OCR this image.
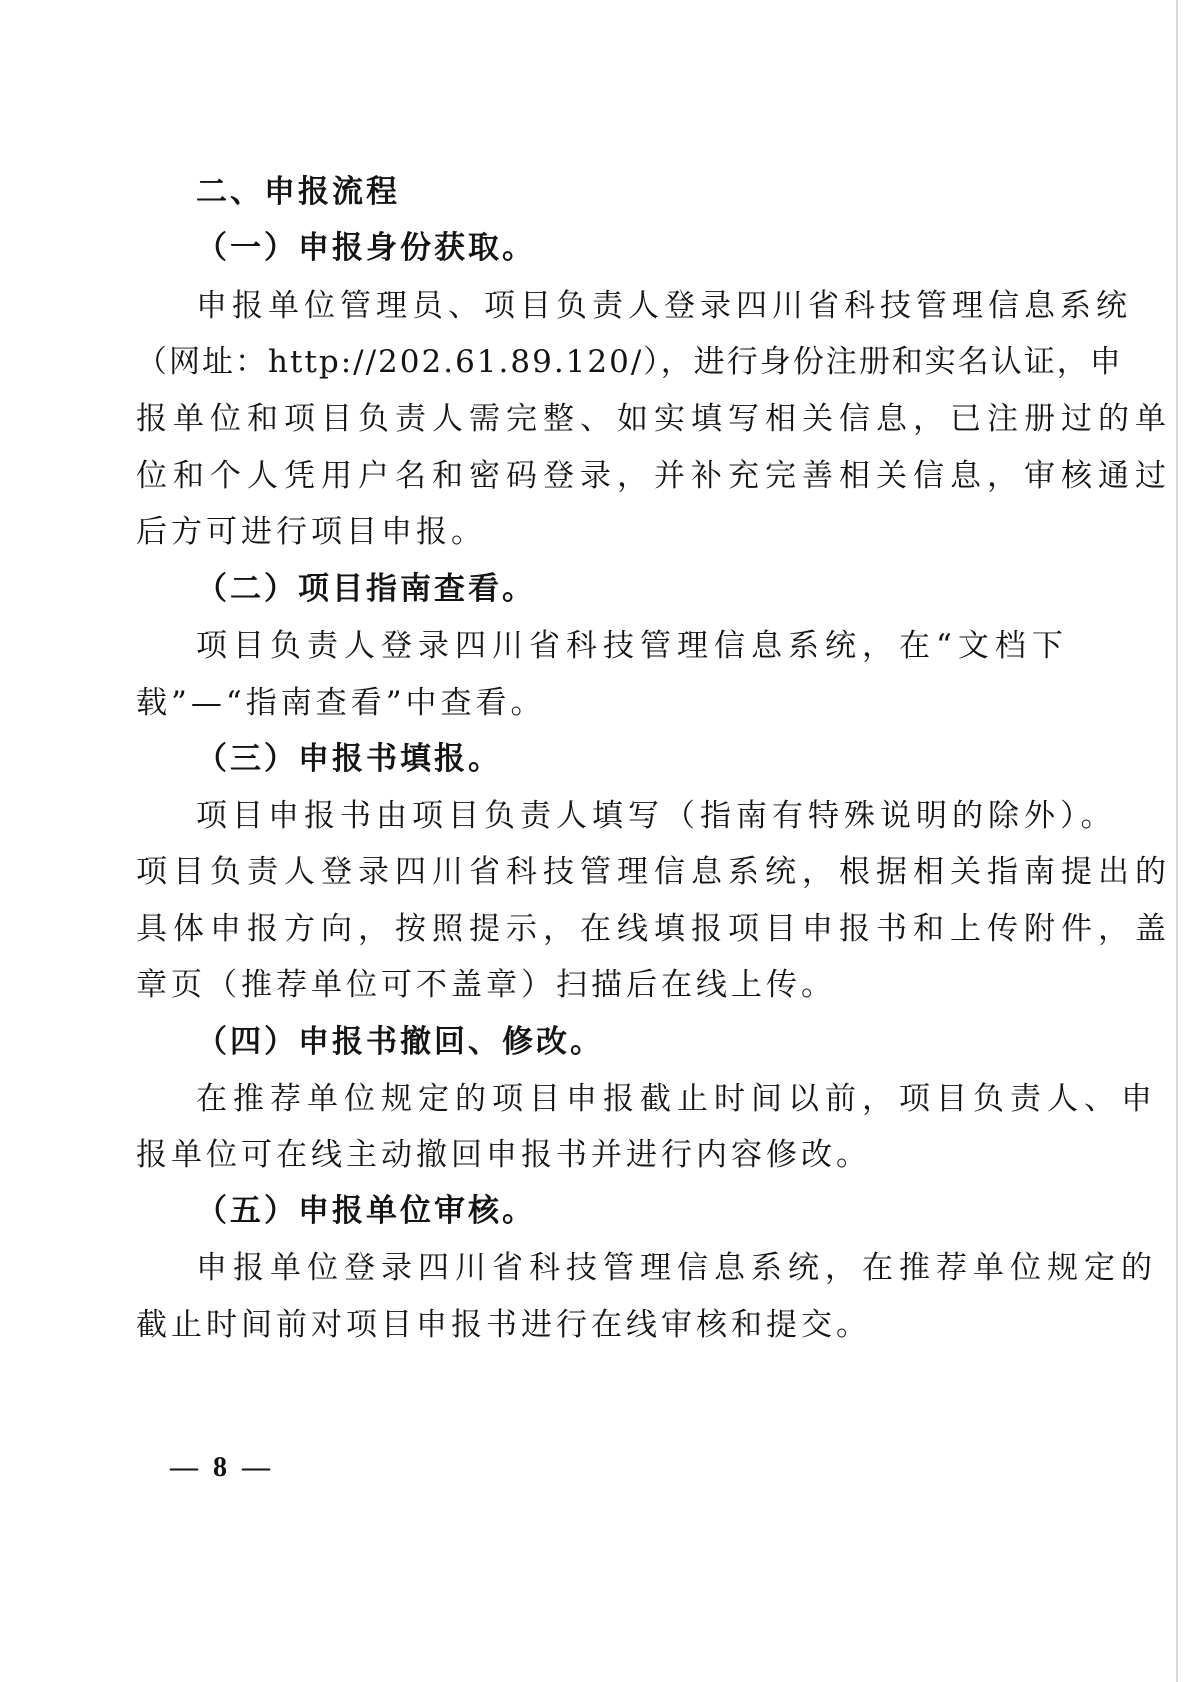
二、申报流程
（一）申报身份获取。
申报单位管理员、项目负责人登录四川省科技管理信息系统
（网址：http://202.61.89.120/），进行身份注册和实名认证，申
报单位和项目负责人需完整、如实填写相关信息，已注册过的单
位和个人凭用户名和密码登录，并补充完善相关信息，审核通过
后方可进行项目申报。
（二）项目指南查看。
项目负责人登录四川省科技管理信息系统，在“文档下
载”—“指南查看”中查看。
（三）申报书填报。
项目申报书由项目负责人填写（指南有特殊说明的除外）。
项目负责人登录四川省科技管理信息系统，根据相关指南提出的
具体申报方向，按照提示，在线填报项目申报书和上传附件，盖
章页（推荐单位可不盖章）扫描后在线上传。
（四）申报书撤回、修改。
在推荐单位规定的项目申报截止时间以前，项目负责人、申
报单位可在线主动撤回申报书并进行内容修改。
（五）申报单位审核。
申报单位登录四川省科技管理信息系统，在推荐单位规定的
截止时间前对项目申报书进行在线审核和提交。
— 8 —
